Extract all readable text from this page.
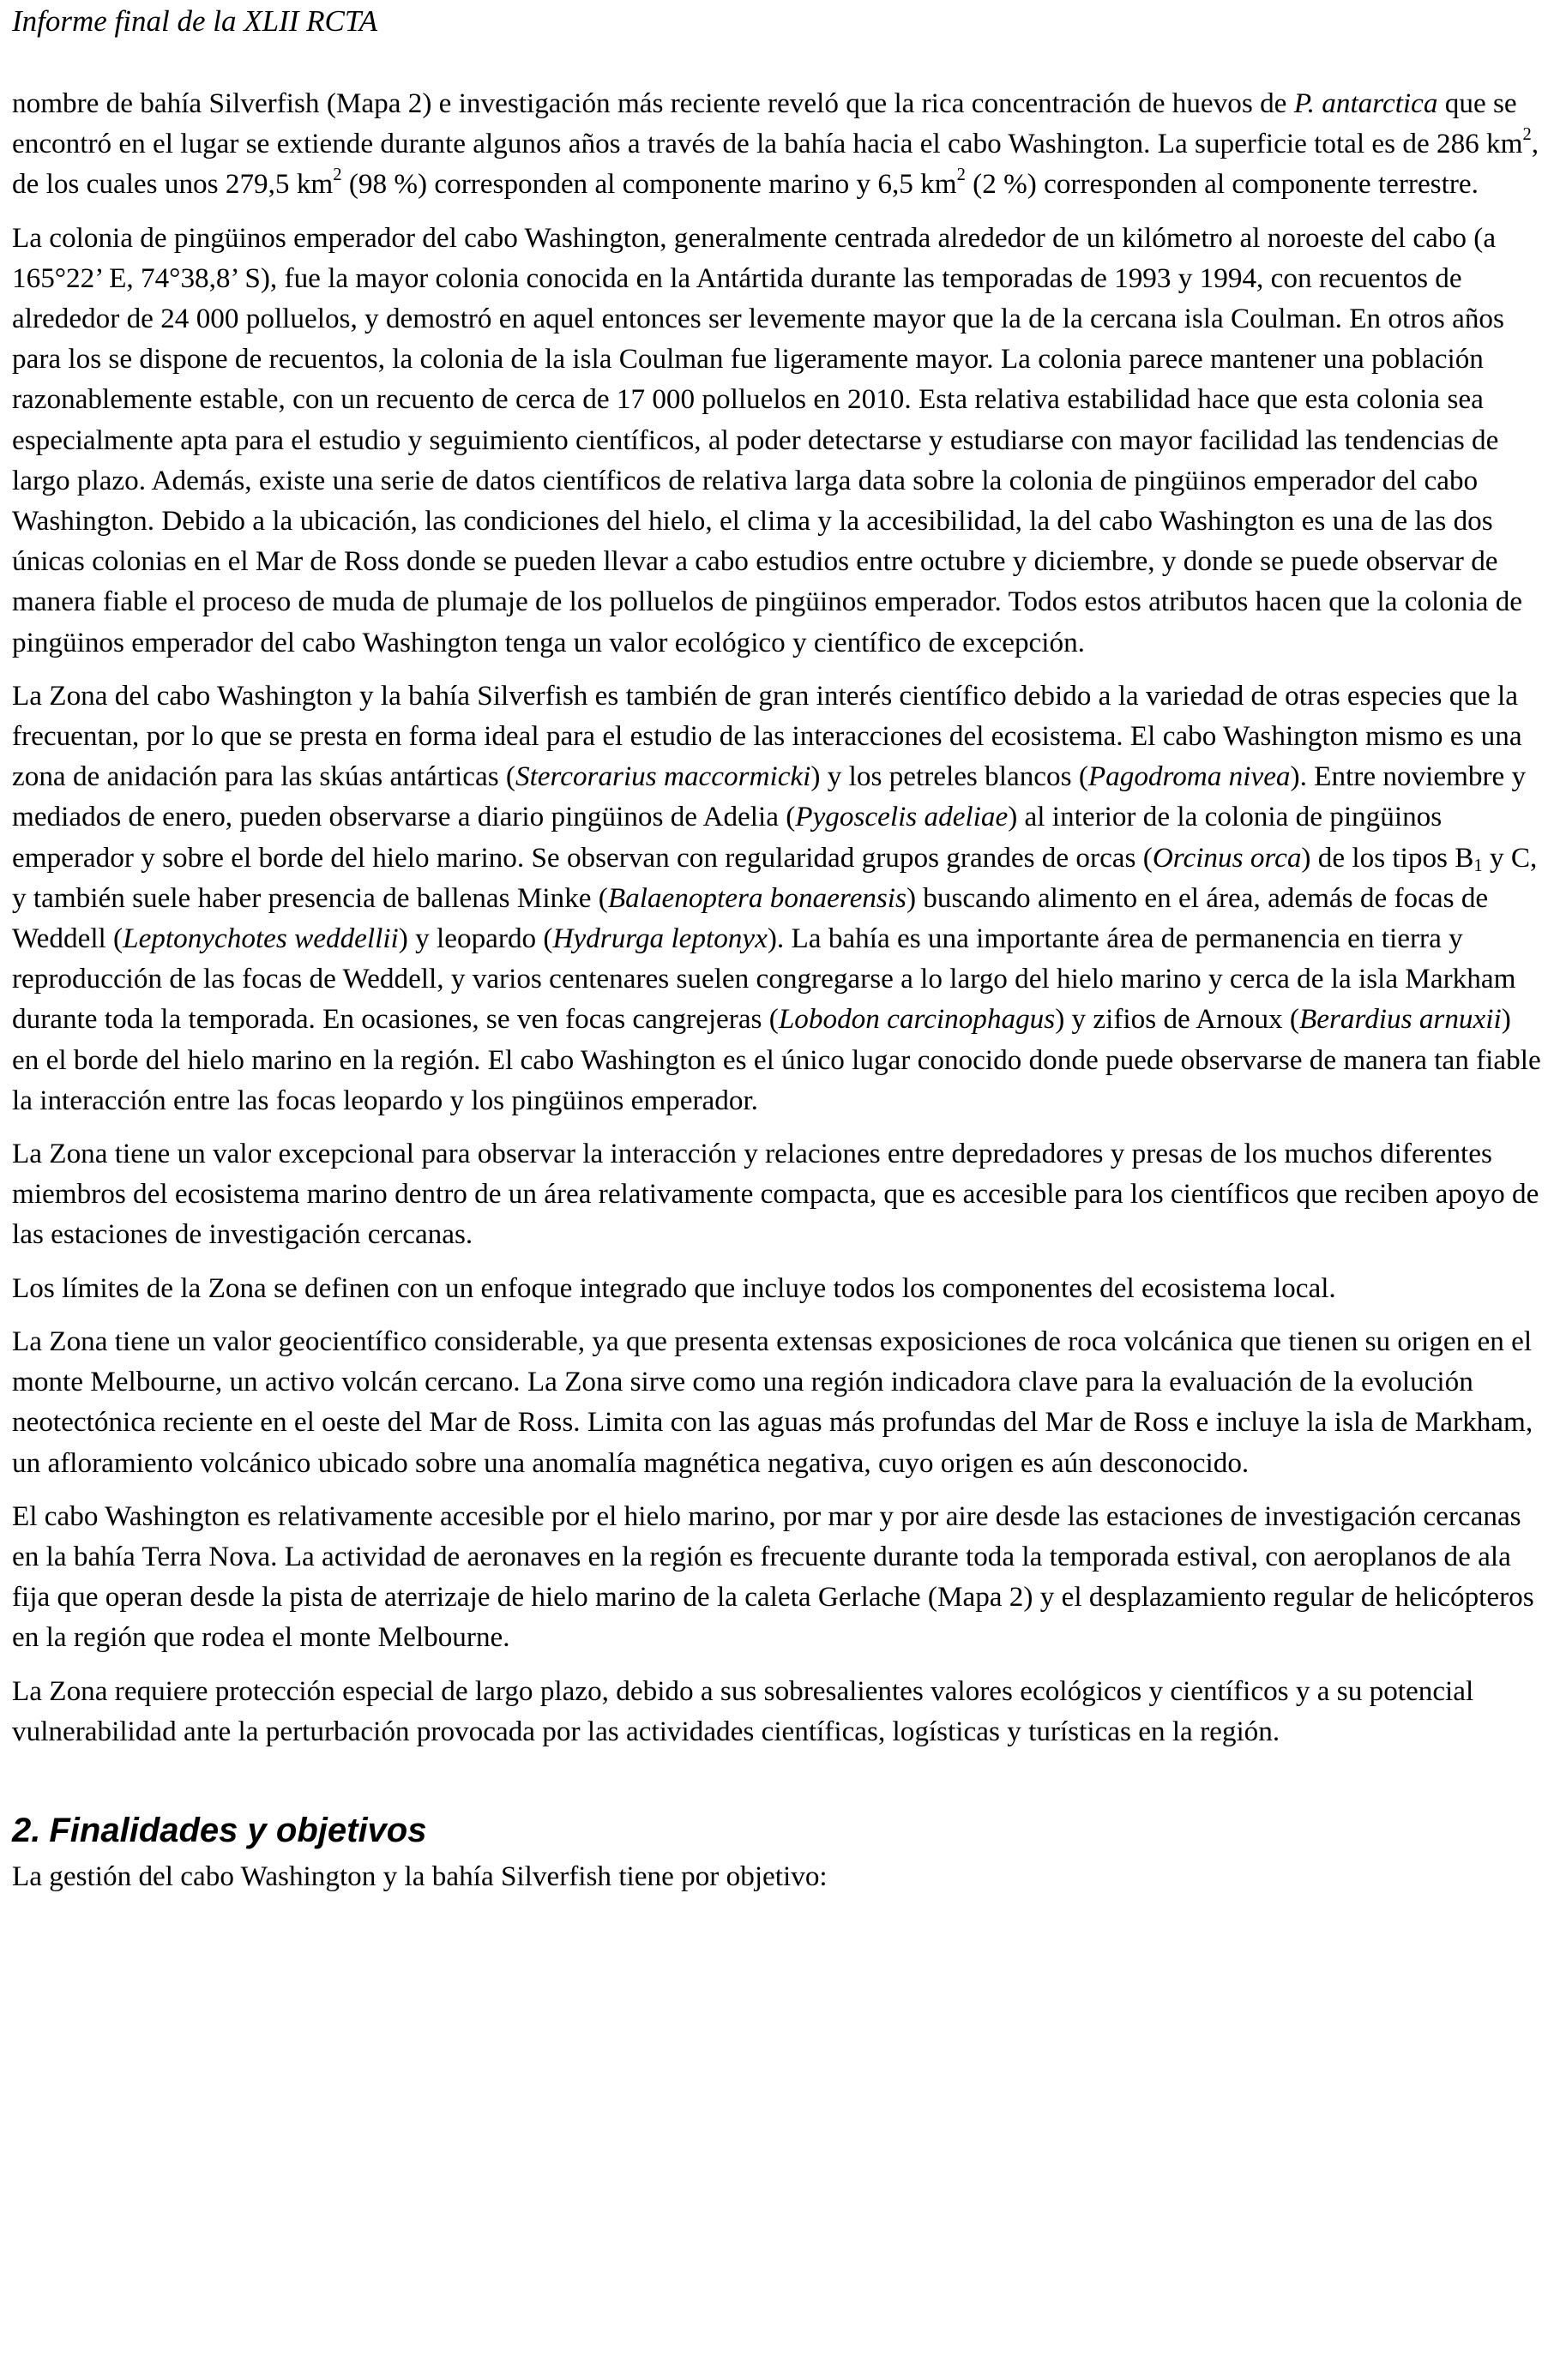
Informe final de la XLII RCTA

nombre de bahía Silverfish (Mapa 2) e investigación más reciente reveló que la rica concentración de huevos de P. antarctica que se encontró en el lugar se extiende durante algunos años a través de la bahía hacia el cabo Washington. La superficie total es de 286 $km^2$, de los cuales unos 279,5 $km^2$ (98 %) corresponden al componente marino y 6,5 $km^2$ (2 %) corresponden al componente terrestre.

La colonia de pingüinos emperador del cabo Washington, generalmente centrada alrededor de un kilómetro al noroeste del cabo (a 165°22’ E, 74°38,8’ S), fue la mayor colonia conocida en la Antártida durante las temporadas de 1993 y 1994, con recuentos de alrededor de 24 000 polluelos, y demostró en aquel entonces ser levemente mayor que la de la cercana isla Coulman. En otros años para los se dispone de recuentos, la colonia de la isla Coulman fue ligeramente mayor. La colonia parece mantener una población razonablemente estable, con un recuento de cerca de 17 000 polluelos en 2010. Esta relativa estabilidad hace que esta colonia sea especialmente apta para el estudio y seguimiento científicos, al poder detectarse y estudiarse con mayor facilidad las tendencias de largo plazo. Además, existe una serie de datos científicos de relativa larga data sobre la colonia de pingüinos emperador del cabo Washington. Debido a la ubicación, las condiciones del hielo, el clima y la accesibilidad, la del cabo Washington es una de las dos únicas colonias en el Mar de Ross donde se pueden llevar a cabo estudios entre octubre y diciembre, y donde se puede observar de manera fiable el proceso de muda de plumaje de los polluelos de pingüinos emperador. Todos estos atributos hacen que la colonia de pingüinos emperador del cabo Washington tenga un valor ecológico y científico de excepción.

La Zona del cabo Washington y la bahía Silverfish es también de gran interés científico debido a la variedad de otras especies que la frecuentan, por lo que se presta en forma ideal para el estudio de las interacciones del ecosistema. El cabo Washington mismo es una zona de anidación para las skúas antárticas (Stercorarius maccormicki) y los petreles blancos (Pagodroma nivea). Entre noviembre y mediados de enero, pueden observarse a diario pingüinos de Adelia (Pygoscelis adeliae) al interior de la colonia de pingüinos emperador y sobre el borde del hielo marino. Se observan con regularidad grupos grandes de orcas (Orcinus orca) de los tipos $B_1$ y C, y también suele haber presencia de ballenas Minke (Balaenoptera bonaerensis) buscando alimento en el área, además de focas de Weddell (Leptonychotes weddellii) y leopardo (Hydrurga leptonyx). La bahía es una importante área de permanencia en tierra y reproducción de las focas de Weddell, y varios centenares suelen congregarse a lo largo del hielo marino y cerca de la isla Markham durante toda la temporada. En ocasiones, se ven focas cangrejeras (Lobodon carcinophagus) y zifios de Arnoux (Berardius arnuxii) en el borde del hielo marino en la región. El cabo Washington es el único lugar conocido donde puede observarse de manera tan fiable la interacción entre las focas leopardo y los pingüinos emperador.

La Zona tiene un valor excepcional para observar la interacción y relaciones entre depredadores y presas de los muchos diferentes miembros del ecosistema marino dentro de un área relativamente compacta, que es accesible para los científicos que reciben apoyo de las estaciones de investigación cercanas.

Los límites de la Zona se definen con un enfoque integrado que incluye todos los componentes del ecosistema local.

La Zona tiene un valor geocientífico considerable, ya que presenta extensas exposiciones de roca volcánica que tienen su origen en el monte Melbourne, un activo volcán cercano. La Zona sirve como una región indicadora clave para la evaluación de la evolución neotectónica reciente en el oeste del Mar de Ross. Limita con las aguas más profundas del Mar de Ross e incluye la isla de Markham, un afloramiento volcánico ubicado sobre una anomalía magnética negativa, cuyo origen es aún desconocido.

El cabo Washington es relativamente accesible por el hielo marino, por mar y por aire desde las estaciones de investigación cercanas en la bahía Terra Nova. La actividad de aeronaves en la región es frecuente durante toda la temporada estival, con aeroplanos de ala fija que operan desde la pista de aterrizaje de hielo marino de la caleta Gerlache (Mapa 2) y el desplazamiento regular de helicópteros en la región que rodea el monte Melbourne.

La Zona requiere protección especial de largo plazo, debido a sus sobresalientes valores ecológicos y científicos y a su potencial vulnerabilidad ante la perturbación provocada por las actividades científicas, logísticas y turísticas en la región.

2. Finalidades y objetivos

La gestión del cabo Washington y la bahía Silverfish tiene por objetivo:
